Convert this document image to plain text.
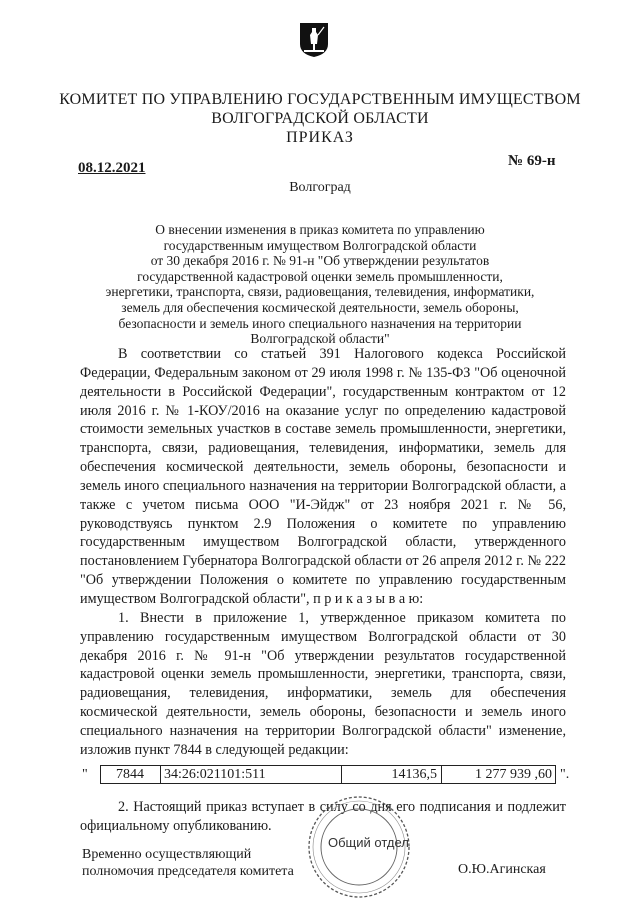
КОМИТЕТ ПО УПРАВЛЕНИЮ ГОСУДАРСТВЕННЫМ ИМУЩЕСТВОМ
ВОЛГОГРАДСКОЙ ОБЛАСТИ
ПРИКАЗ
08.12.2021	№ 69-н
Волгоград
О внесении изменения в приказ комитета по управлению
государственным имуществом Волгоградской области
от 30 декабря 2016 г. № 91-н "Об утверждении результатов
государственной кадастровой оценки земель промышленности,
энергетики, транспорта, связи, радиовещания, телевидения, информатики,
земель для обеспечения космической деятельности, земель обороны,
безопасности и земель иного специального назначения на территории
Волгоградской области"

В соответствии со статьей 391 Налогового кодекса Российской Федерации, Федеральным законом от 29 июля 1998 г. № 135-ФЗ "Об оценочной деятельности в Российской Федерации", государственным контрактом от 12 июля 2016 г. № 1-КОУ/2016 на оказание услуг по определению кадастровой стоимости земельных участков в составе земель промышленности, энергетики, транспорта, связи, радиовещания, телевидения, информатики, земель для обеспечения космической деятельности, земель обороны, безопасности и земель иного специального назначения на территории Волгоградской области, а также с учетом письма ООО "И-Эйдж" от 23 ноября 2021 г. № 56, руководствуясь пунктом 2.9 Положения о комитете по управлению государственным имуществом Волгоградской области, утвержденного постановлением Губернатора Волгоградской области от 26 апреля 2012 г. № 222 "Об утверждении Положения о комитете по управлению государственным имуществом Волгоградской области", п р и к а з ы в а ю:

1. Внести в приложение 1, утвержденное приказом комитета по управлению государственным имуществом Волгоградской области от 30 декабря 2016 г. № 91-н "Об утверждении результатов государственной кадастровой оценки земель промышленности, энергетики, транспорта, связи, радиовещания, телевидения, информатики, земель для обеспечения космической деятельности, земель обороны, безопасности и земель иного специального назначения на территории Волгоградской области" изменение, изложив пункт 7844 в следующей редакции:

"	7844	34:26:021101:511	14136,5	1 277 939 ,60 ".

2. Настоящий приказ вступает в силу со дня его подписания и подлежит официальному опубликованию.

Общий отдел
Временно осуществляющий
полномочия председателя комитета	О.Ю.Агинская
